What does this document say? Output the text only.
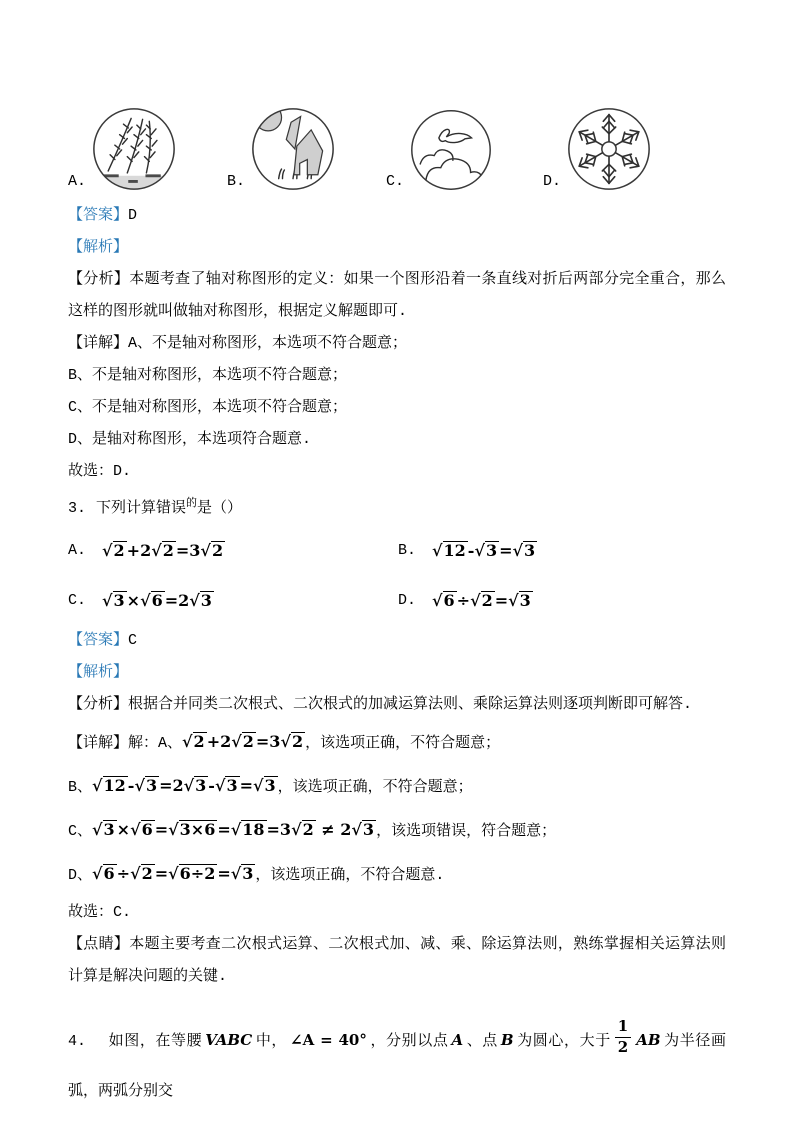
A.	B.	C.	D.

【答案】D

【解析】

【分析】本题考查了轴对称图形的定义：如果一个图形沿着一条直线对折后两部分完全重合，那么这样的图形就叫做轴对称图形，根据定义解题即可.

【详解】A、不是轴对称图形，本选项不符合题意；

B、不是轴对称图形，本选项不符合题意；

C、不是轴对称图形，本选项不符合题意；

D、是轴对称图形，本选项符合题意.

故选：D.

3. 下列计算错误$^的$是（）

A. √2 +2√2 =3√2	B. √12 -√3 =√3
C. √3 ×√6 =2√3	D. √6 ÷√2 =√3

【答案】C

【解析】

【分析】根据合并同类二次根式、二次根式的加减运算法则、乘除运算法则逐项判断即可解答.

【详解】解：A、√2 +2√2 =3√2 ，该选项正确，不符合题意；

B、√12 -√3 =2√3 -√3 =√3 ，该选项正确，不符合题意；

C、√3 ×√6 =√3×6 =√18 =3√2 ≠ 2√3 ，该选项错误，符合题意；

D、√6 ÷√2 =√6÷2 =√3 ，该选项正确，不符合题意.

故选：C.

【点睛】本题主要考查二次根式运算、二次根式加、减、乘、除运算法则，熟练掌握相关运算法则计算是解决问题的关键.

4. 如图，在等腰 VABC 中， ∠A = 40° ，分别以点 A 、点 B 为圆心，大于 $\frac{1}{2}$ AB 为半径画弧，两弧分别交
